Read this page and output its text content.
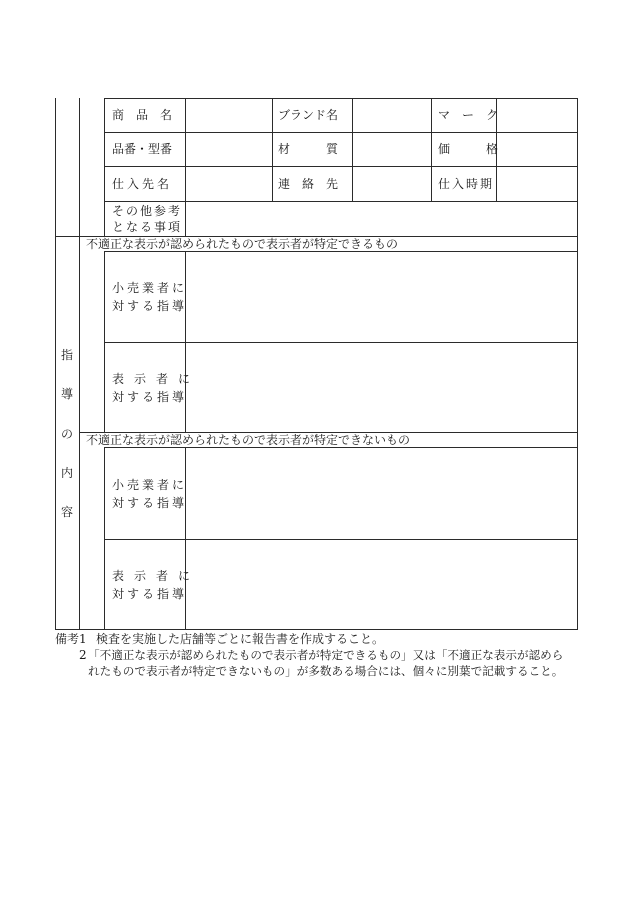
商　品　名	ブランド名	マ　ー　ク
品番・型番	材　　　質	価　　　格
仕入先名	連　絡　先	仕入時期
その他参考
となる事項
指
導
の
内
容
不適正な表示が認められたもので表示者が特定できるもの
小売業者に
対する指導
表　示　者　に
対する指導
不適正な表示が認められたもので表示者が特定できないもの
小売業者に
対する指導
表　示　者　に
対する指導
備考1 検査を実施した店舗等ごとに報告書を作成すること。
2 「不適正な表示が認められたもので表示者が特定できるもの」又は「不適正な表示が認めら
れたもので表示者が特定できないもの」が多数ある場合には、個々に別葉で記載すること。
